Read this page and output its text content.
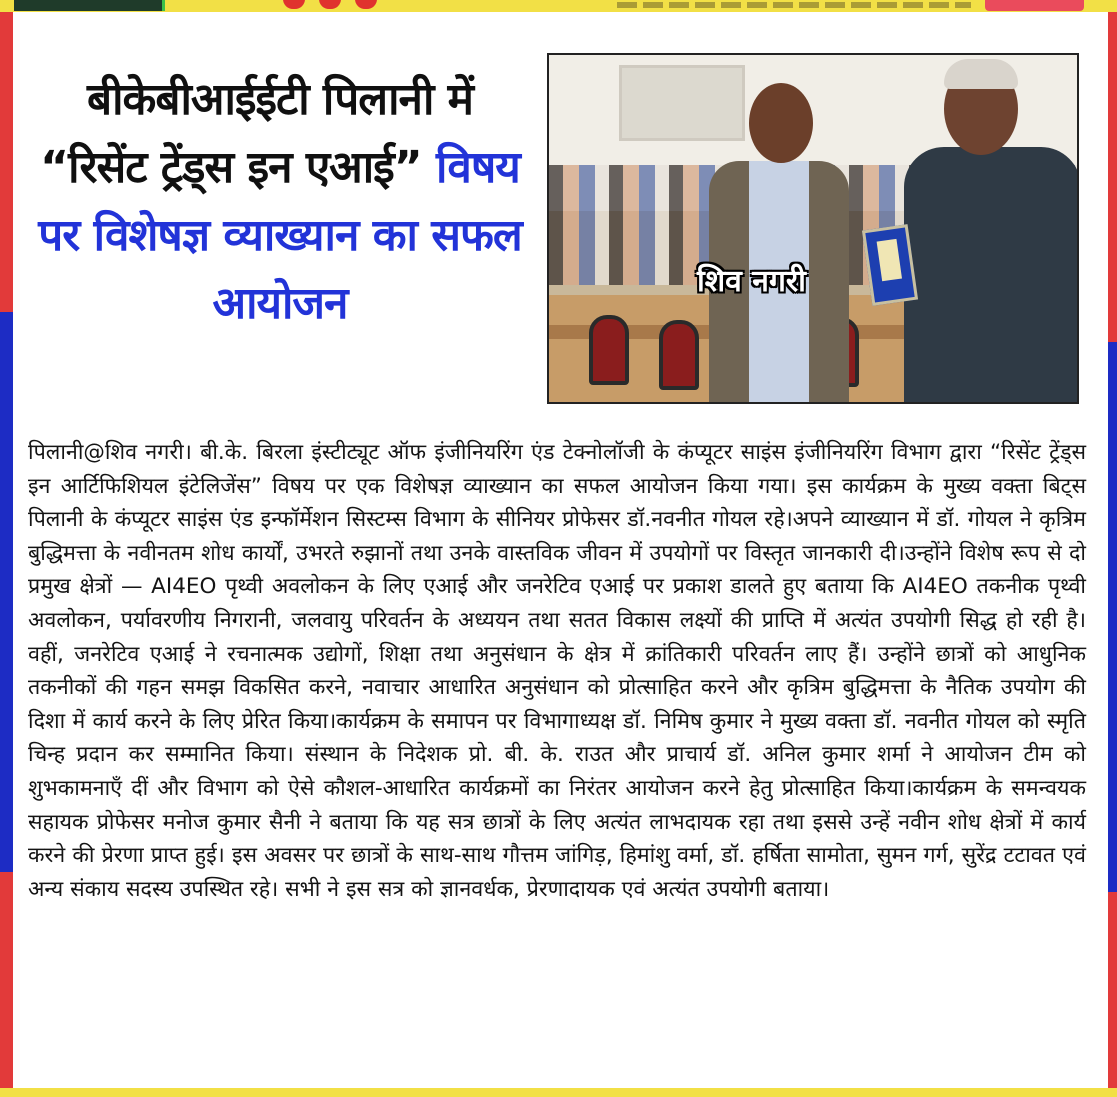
बीकेबीआईईटी पिलानी में “रिसेंट ट्रेंड्स इन एआई” विषय पर विशेषज्ञ व्याख्यान का सफल आयोजन	शिव नगरी

पिलानी@शिव नगरी। बी.के. बिरला इंस्टीट्यूट ऑफ इंजीनियरिंग एंड टेक्नोलॉजी के कंप्यूटर साइंस इंजीनियरिंग विभाग द्वारा “रिसेंट ट्रेंड्स इन आर्टिफिशियल इंटेलिजेंस” विषय पर एक विशेषज्ञ व्याख्यान का सफल आयोजन किया गया। इस कार्यक्रम के मुख्य वक्ता बिट्स पिलानी के कंप्यूटर साइंस एंड इन्फॉर्मेशन सिस्टम्स विभाग के सीनियर प्रोफेसर डॉ.नवनीत गोयल रहे।अपने व्याख्यान में डॉ. गोयल ने कृत्रिम बुद्धिमत्ता के नवीनतम शोध कार्यों, उभरते रुझानों तथा उनके वास्तविक जीवन में उपयोगों पर विस्तृत जानकारी दी।उन्होंने विशेष रूप से दो प्रमुख क्षेत्रों — AI4EO पृथ्वी अवलोकन के लिए एआई और जनरेटिव एआई पर प्रकाश डालते हुए बताया कि AI4EO तकनीक पृथ्वी अवलोकन, पर्यावरणीय निगरानी, जलवायु परिवर्तन के अध्ययन तथा सतत विकास लक्ष्यों की प्राप्ति में अत्यंत उपयोगी सिद्ध हो रही है। वहीं, जनरेटिव एआई ने रचनात्मक उद्योगों, शिक्षा तथा अनुसंधान के क्षेत्र में क्रांतिकारी परिवर्तन लाए हैं। उन्होंने छात्रों को आधुनिक तकनीकों की गहन समझ विकसित करने, नवाचार आधारित अनुसंधान को प्रोत्साहित करने और कृत्रिम बुद्धिमत्ता के नैतिक उपयोग की दिशा में कार्य करने के लिए प्रेरित किया।कार्यक्रम के समापन पर विभागाध्यक्ष डॉ. निमिष कुमार ने मुख्य वक्ता डॉ. नवनीत गोयल को स्मृति चिन्ह प्रदान कर सम्मानित किया। संस्थान के निदेशक प्रो. बी. के. राउत और प्राचार्य डॉ. अनिल कुमार शर्मा ने आयोजन टीम को शुभकामनाएँ दीं और विभाग को ऐसे कौशल-आधारित कार्यक्रमों का निरंतर आयोजन करने हेतु प्रोत्साहित किया।कार्यक्रम के समन्वयक सहायक प्रोफेसर मनोज कुमार सैनी ने बताया कि यह सत्र छात्रों के लिए अत्यंत लाभदायक रहा तथा इससे उन्हें नवीन शोध क्षेत्रों में कार्य करने की प्रेरणा प्राप्त हुई। इस अवसर पर छात्रों के साथ-साथ गौत्तम जांगिड़, हिमांशु वर्मा, डॉ. हर्षिता सामोता, सुमन गर्ग, सुरेंद्र टटावत एवं अन्य संकाय सदस्य उपस्थित रहे। सभी ने इस सत्र को ज्ञानवर्धक, प्रेरणादायक एवं अत्यंत उपयोगी बताया।
